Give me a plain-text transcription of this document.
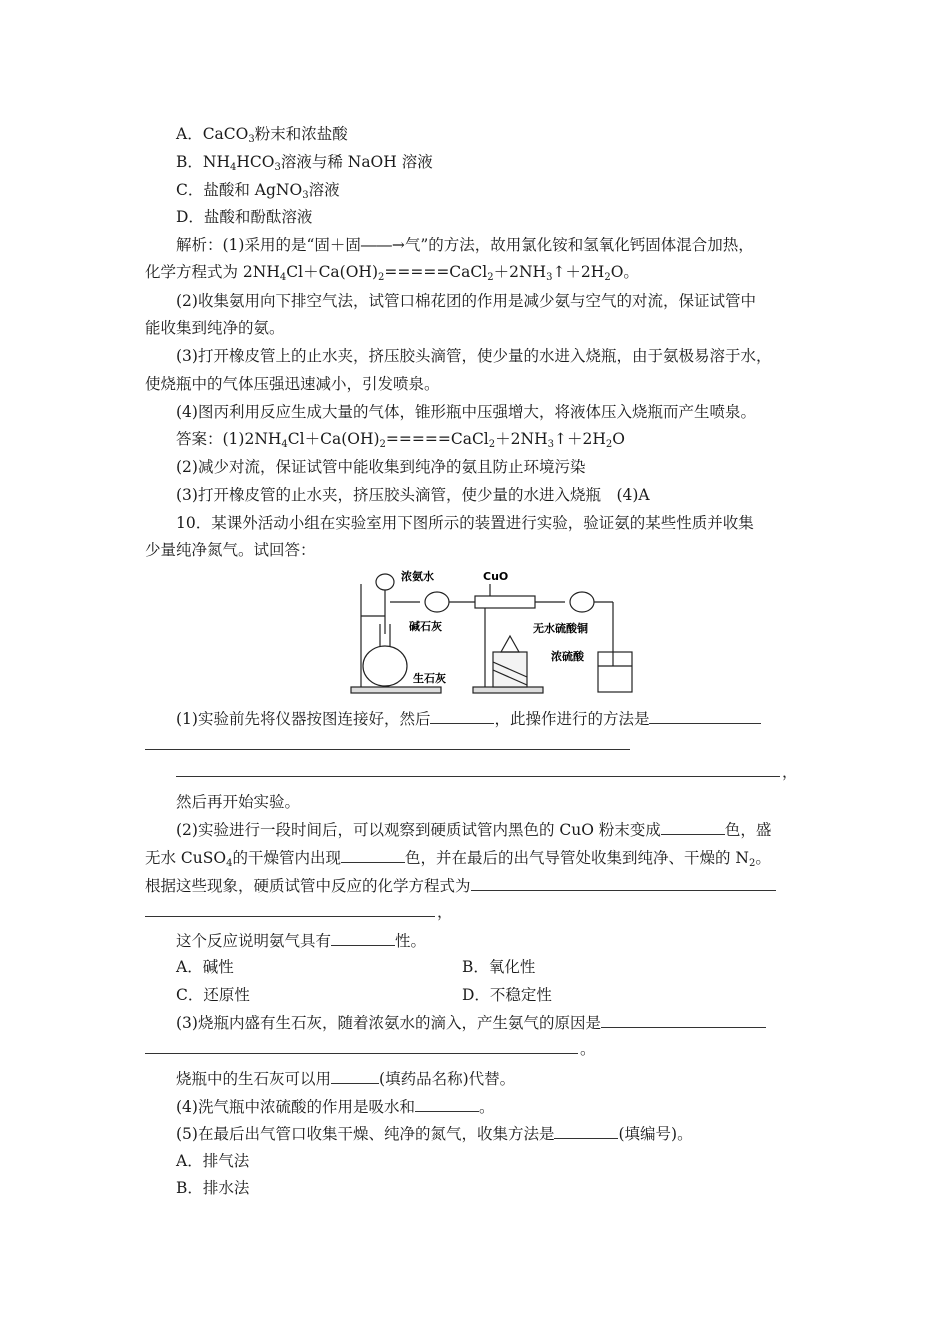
A．CaCO$_3$粉末和浓盐酸
B．$NH_4HCO_3$溶液与稀 NaOH 溶液
C．盐酸和 AgNO$_3$溶液
D．盐酸和酚酞溶液
解析：(1)采用的是“固＋固――→气”的方法，故用氯化铵和氢氧化钙固体混合加热，
化学方程式为 $2NH_4Cl+Ca(OH)_2=====CaCl_2+2NH_3↑+2H_2O$。
(2)收集氨用向下排空气法，试管口棉花团的作用是减少氨与空气的对流，保证试管中
能收集到纯净的氨。
(3)打开橡皮管上的止水夹，挤压胶头滴管，使少量的水进入烧瓶，由于氨极易溶于水，
使烧瓶中的气体压强迅速减小，引发喷泉。
(4)图丙利用反应生成大量的气体，锥形瓶中压强增大，将液体压入烧瓶而产生喷泉。
答案：$(1)2NH_4Cl+Ca(OH)_2=====CaCl_2+2NH_3↑+2H_2O$
(2)减少对流，保证试管中能收集到纯净的氨且防止环境污染
(3)打开橡皮管的止水夹，挤压胶头滴管，使少量的水进入烧瓶　(4)A
10．某课外活动小组在实验室用下图所示的装置进行实验，验证氨的某些性质并收集
少量纯净氮气。试回答：
浓氨水
碱石灰
生石灰
CuO
无水硫酸铜
浓硫酸
(1)实验前先将仪器按图连接好，然后	，此操作进行的方法是
，
然后再开始实验。
(2)实验进行一段时间后，可以观察到硬质试管内黑色的 CuO 粉末变成	色，盛
无水 CuSO$_4$的干燥管内出现	色，并在最后的出气导管处收集到纯净、干燥的 $N_2$。
根据这些现象，硬质试管中反应的化学方程式为
，
这个反应说明氨气具有	性。
A．碱性	B．氧化性
C．还原性	D．不稳定性
(3)烧瓶内盛有生石灰，随着浓氨水的滴入，产生氨气的原因是
。
烧瓶中的生石灰可以用	(填药品名称)代替。
(4)洗气瓶中浓硫酸的作用是吸水和	。
(5)在最后出气管口收集干燥、纯净的氮气，收集方法是	(填编号)。
A．排气法
B．排水法
